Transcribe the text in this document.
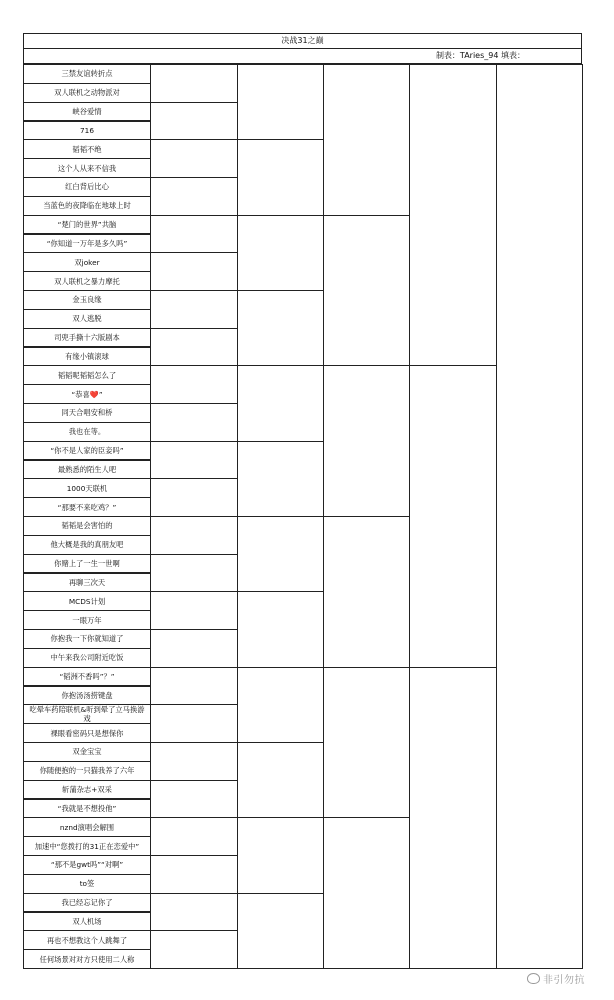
决战31之巅
制表：TAries_94 填表：
三禁友谊转折点
双人联机之动物派对
峡谷爱情
716
韬韬不绝
这个人从来不信我
红白背后比心
当蓝色的夜降临在地球上时
“楚门的世界”共脑
“你知道一万年是多久吗”
双joker
双人联机之暴力摩托
金玉良缘
双人逃脱
司兜手撕十六版剧本
有缘小镇滚球
韬韬呢韬韬怎么了
“恭喜❤️”
同天合唱安和桥
我也在等。
“你不是人家的臣妾吗”
最熟悉的陌生人吧
1000天联机
“那要不来吃鸡？”
韬韬是会害怕的
他大概是我的真朋友吧
你赌上了一生一世啊
再聊三次天
MCDS计划
一眼万年
你抱我一下你就知道了
中午来我公司附近吃饭
“韬洲不香吗”？”
你抱汤汤捞键盘
吃晕车药陪联机&听到晕了立马换游戏
裸眼看密码只是想保你
双金宝宝
你随便抱的一只猫我养了六年
斩蒲杂志+双采
“我就是不想投他”
nznd演唱会解围
加速中“您拨打的31正在恋爱中”
“那不是gwt吗”“对啊”
to签
我已经忘记你了
双人机场
再也不想教这个人跳舞了
任何场景对对方只使用二人称
非引勿抗
